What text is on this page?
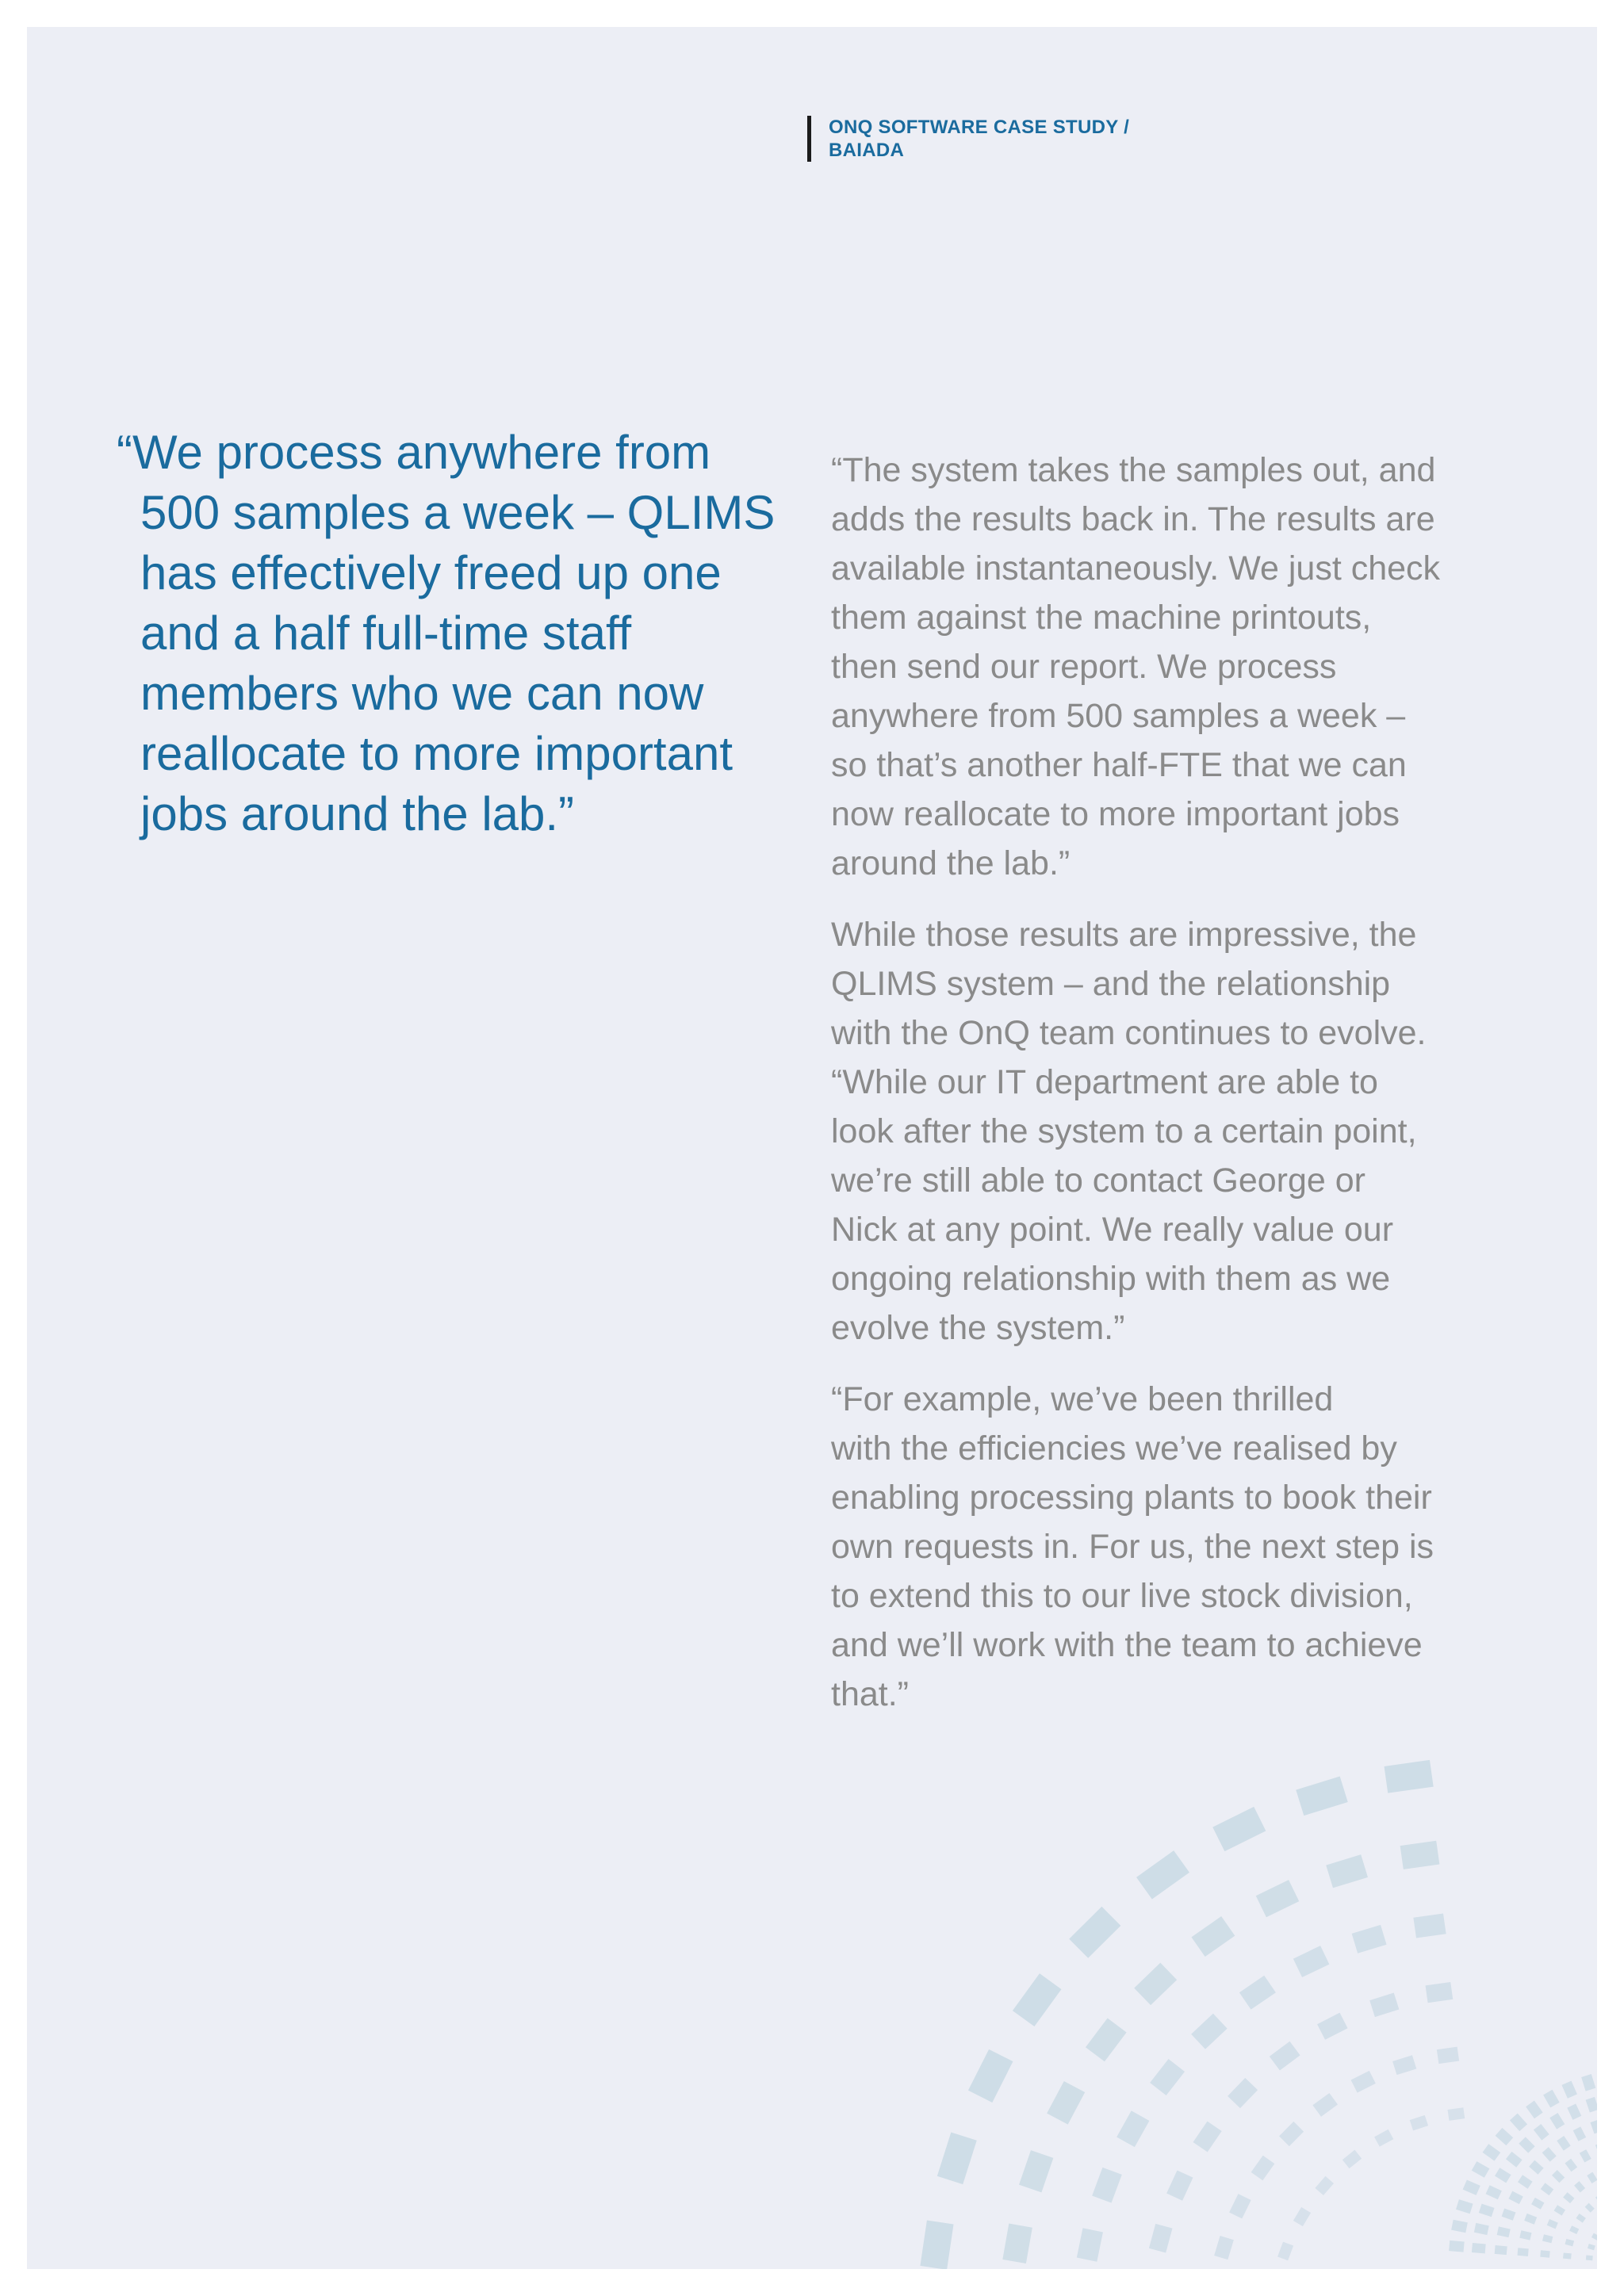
ONQ SOFTWARE CASE STUDY /
BAIADA
“We process anywhere from
500 samples a week – QLIMS
has effectively freed up one
and a half full-time staff
members who we can now
reallocate to more important
jobs around the lab.”

“The system takes the samples out, and
adds the results back in. The results are
available instantaneously. We just check
them against the machine printouts,
then send our report. We process
anywhere from 500 samples a week –
so that’s another half-FTE that we can
now reallocate to more important jobs
around the lab.”

While those results are impressive, the
QLIMS system – and the relationship
with the OnQ team continues to evolve.
“While our IT department are able to
look after the system to a certain point,
we’re still able to contact George or
Nick at any point. We really value our
ongoing relationship with them as we
evolve the system.”

“For example, we’ve been thrilled
with the efficiencies we’ve realised by
enabling processing plants to book their
own requests in. For us, the next step is
to extend this to our live stock division,
and we’ll work with the team to achieve
that.”
